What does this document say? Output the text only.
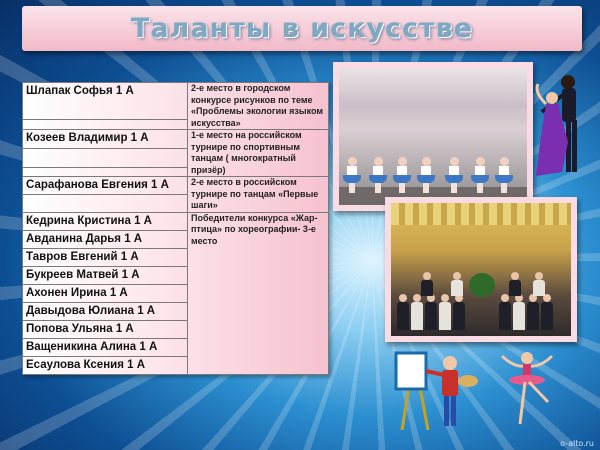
Таланты в искусстве
Шлапак Софья 1 А	2-е место в городском конкурсе рисунков по теме «Проблемы экологии языком искусства»

Козеев Владимир 1 А	1-е место на российском турнире по спортивным танцам ( многократный призёр)

Сарафанова Евгения 1 А	2-е место в российском турнире по танцам «Первые шаги»

Кедрина Кристина 1 А	Победители конкурса «Жар- птица» по хореографии- 3-е место
Авданина Дарья 1 А	
Тавров Евгений 1 А	
Букреев Матвей 1 А	
Ахонен Ирина 1 А	
Давыдова Юлиана 1 А	
Попова Ульяна 1 А	
Ващеникина Алина 1 А	
Есаулова Ксения 1 А	
o-alto.ru
